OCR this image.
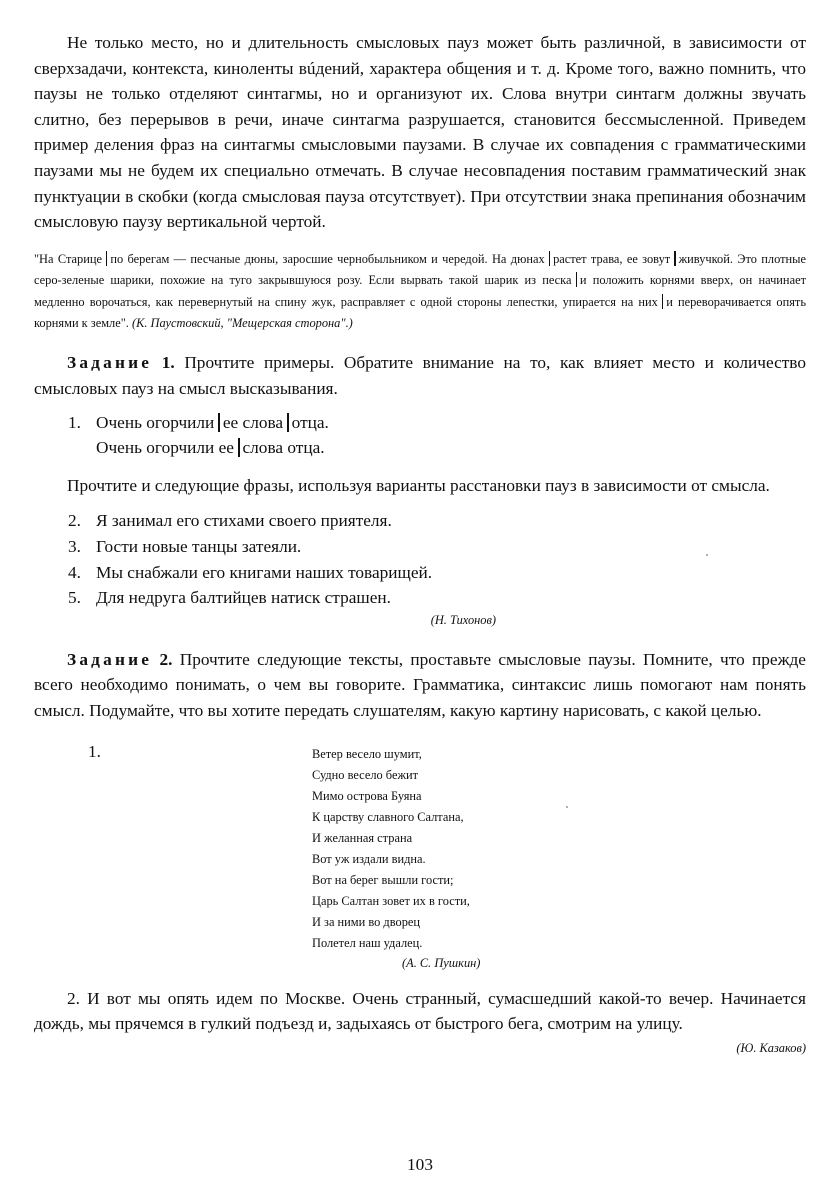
Не только место, но и длительность смысловых пауз может быть различной, в зависимости от сверхзадачи, контекста, киноленты вúдений, характера общения и т. д. Кроме того, важно помнить, что паузы не только отделяют синтагмы, но и организуют их. Слова внутри синтагм должны звучать слитно, без перерывов в речи, иначе синтагма разрушается, становится бессмысленной. Приведем пример деления фраз на синтагмы смысловыми паузами. В случае их совпадения с грамматическими паузами мы не будем их специально отмечать. В случае несовпадения поставим грамматический знак пунктуации в скобки (когда смысловая пауза отсутствует). При отсутствии знака препинания обозначим смысловую паузу вертикальной чертой.

"На Старице по берегам — песчаные дюны, заросшие чернобыльником и чередой. На дюнах растет трава, ее зовут живучкой. Это плотные серо-зеленые шарики, похожие на туго закрывшуюся розу. Если вырвать такой шарик из песка и положить корнями вверх, он начинает медленно ворочаться, как перевернутый на спину жук, расправляет с одной стороны лепестки, упирается на них и переворачивается опять корнями к земле". (К. Паустовский, "Мещерская сторона".)

Задание 1. Прочтите примеры. Обратите внимание на то, как влияет место и количество смысловых пауз на смысл высказывания.

1. Очень огорчили ее слова отца.
Очень огорчили ее слова отца.

Прочтите и следующие фразы, используя варианты расстановки пауз в зависимости от смысла.

2. Я занимал его стихами своего приятеля.
3. Гости новые танцы затеяли.
4. Мы снабжали его книгами наших товарищей.
5. Для недруга балтийцев натиск страшен.

(Н. Тихонов)

Задание 2. Прочтите следующие тексты, проставьте смысловые паузы. Помните, что прежде всего необходимо понимать, о чем вы говорите. Грамматика, синтаксис лишь помогают нам понять смысл. Подумайте, что вы хотите передать слушателям, какую картину нарисовать, с какой целью.

1.	Ветер весело шумит,
Судно весело бежит
Мимо острова Буяна
К царству славного Салтана,
И желанная страна
Вот уж издали видна.
Вот на берег вышли гости;
Царь Салтан зовет их в гости,
И за ними во дворец
Полетел наш удалец.
(А. С. Пушкин)

2. И вот мы опять идем по Москве. Очень странный, сумасшедший какой-то вечер. Начинается дождь, мы прячемся в гулкий подъезд и, задыхаясь от быстрого бега, смотрим на улицу.

(Ю. Казаков)

103
